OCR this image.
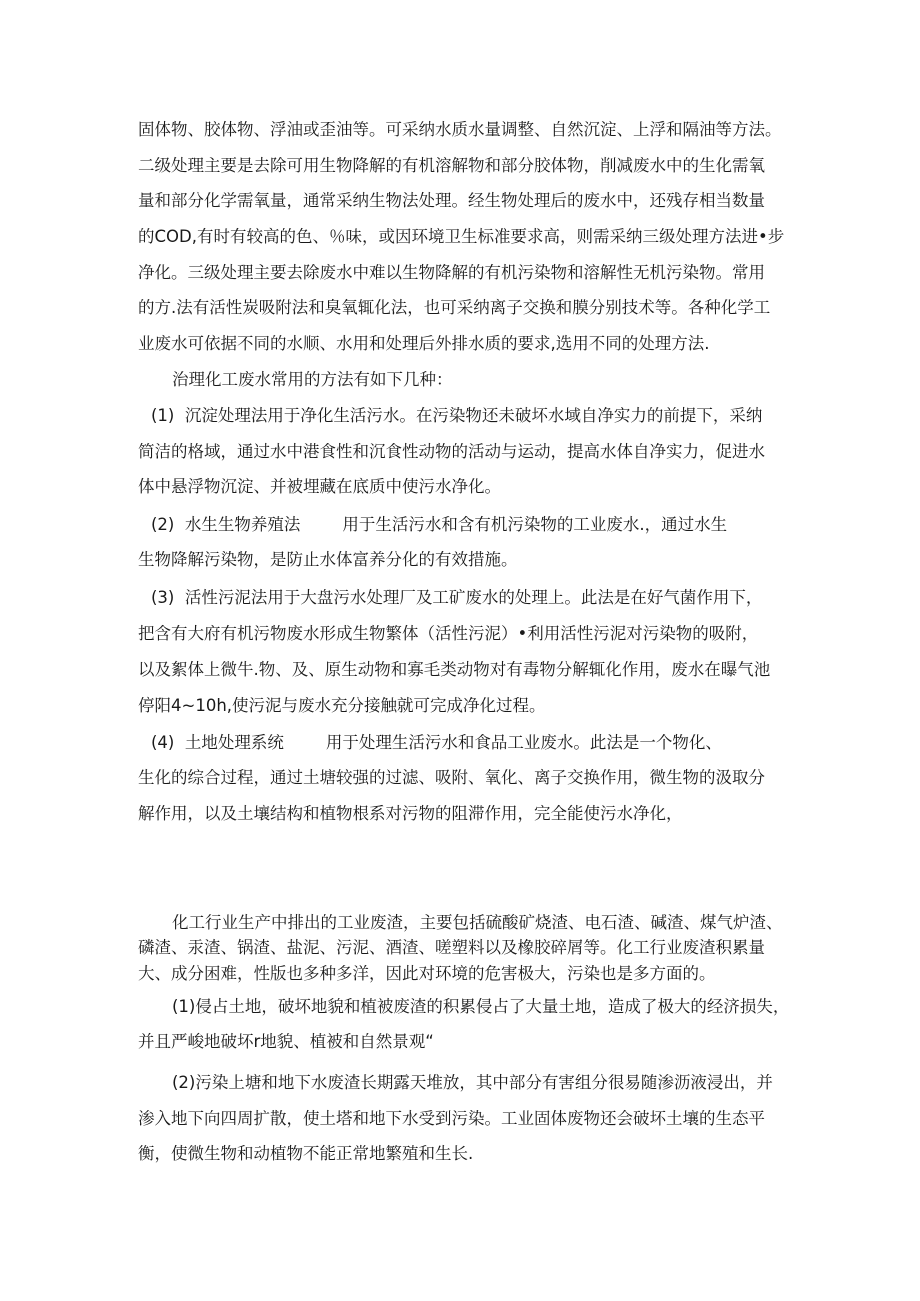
固体物、胶体物、浮油或歪油等。可采纳水质水量调整、自然沉淀、上浮和隔油等方法。
二级处理主要是去除可用生物降解的有机溶解物和部分胶体物，削减废水中的生化需氧
量和部分化学需氧量，通常采纳生物法处理。经生物处理后的废水中，还残存相当数量
的COD,有时有较高的色、％味，或因环境卫生标准要求高，则需采纳三级处理方法进•步
净化。三级处理主要去除废水中难以生物降解的有机污染物和溶解性无机污染物。常用
的方.法有活性炭吸附法和臭氧辄化法，也可采纳离子交换和膜分别技术等。各种化学工
业废水可依据不同的水顺、水用和处理后外排水质的要求,选用不同的处理方法.
治理化工废水常用的方法有如下几种：
(1)  沉淀处理法用于净化生活污水。在污染物还未破坏水域自净实力的前提下，采纳
简洁的格域，通过水中港食性和沉食性动物的活动与运动，提高水体自净实力，促进水
体中悬浮物沉淀、并被埋藏在底质中使污水净化。
(2)  水生生物养殖法        用于生活污水和含有机污染物的工业废水.，通过水生
生物降解污染物，是防止水体富养分化的有效措施。
(3)  活性污泥法用于大盘污水处理厂及工矿废水的处理上。此法是在好气菌作用下，
把含有大府有机污物废水形成生物繁体（活性污泥）•利用活性污泥对污染物的吸附，
以及絮体上微牛.物、及、原生动物和寡毛类动物对有毒物分解辄化作用，废水在曝气池
停阳4~10h,使污泥与废水充分接触就可完成净化过程。
(4)  土地处理系统        用于处理生活污水和食品工业废水。此法是一个物化、
生化的综合过程，通过土塘较强的过滤、吸附、氧化、离子交换作用，微生物的汲取分
解作用，以及土壤结构和植物根系对污物的阻滞作用，完全能使污水净化，
化工行业生产中排出的工业废渣，主要包括硫酸矿烧渣、电石渣、碱渣、煤气炉渣、
磷渣、汞渣、锅渣、盐泥、污泥、酒渣、嗟塑料以及橡胶碎屑等。化工行业废渣积累量
大、成分困难，性版也多种多洋，因此对环境的危害极大，污染也是多方面的。
(1)侵占土地，破坏地貌和植被废渣的积累侵占了大量土地，造成了极大的经济损失，
并且严峻地破坏r地貌、植被和自然景观“
(2)污染上塘和地下水废渣长期露天堆放，其中部分有害组分很易随渗沥液浸出，并
渗入地下向四周扩散，使土塔和地下水受到污染。工业固体废物还会破坏土壤的生态平
衡，使微生物和动植物不能正常地繁殖和生长.
